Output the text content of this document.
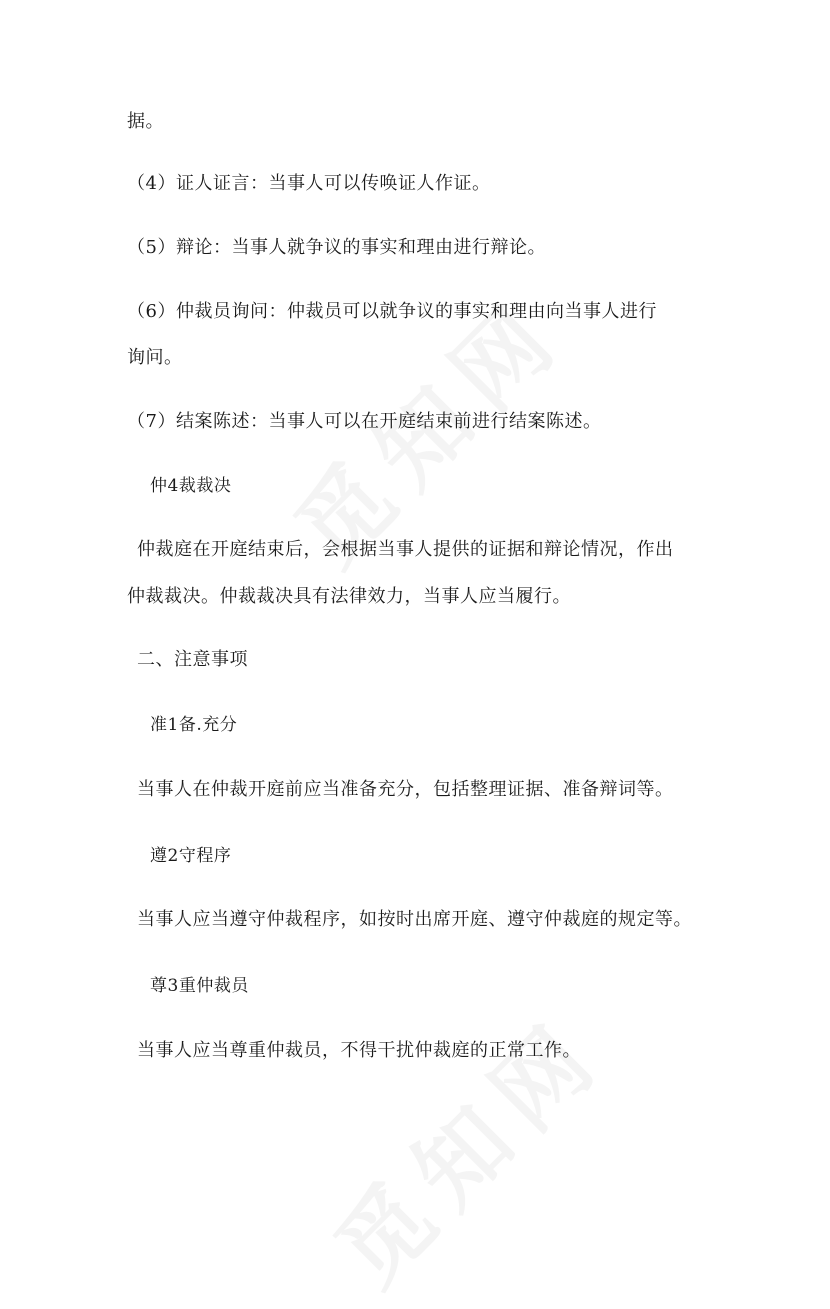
据。
（4）证人证言：当事人可以传唤证人作证。
（5）辩论：当事人就争议的事实和理由进行辩论。
（6）仲裁员询问：仲裁员可以就争议的事实和理由向当事人进行
询问。
（7）结案陈述：当事人可以在开庭结束前进行结案陈述。
仲4裁裁决
仲裁庭在开庭结束后，会根据当事人提供的证据和辩论情况，作出
仲裁裁决。仲裁裁决具有法律效力，当事人应当履行。
二、注意事项
准1备.充分
当事人在仲裁开庭前应当准备充分，包括整理证据、准备辩词等。
遵2守程序
当事人应当遵守仲裁程序，如按时出席开庭、遵守仲裁庭的规定等。
尊3重仲裁员
当事人应当尊重仲裁员，不得干扰仲裁庭的正常工作。
